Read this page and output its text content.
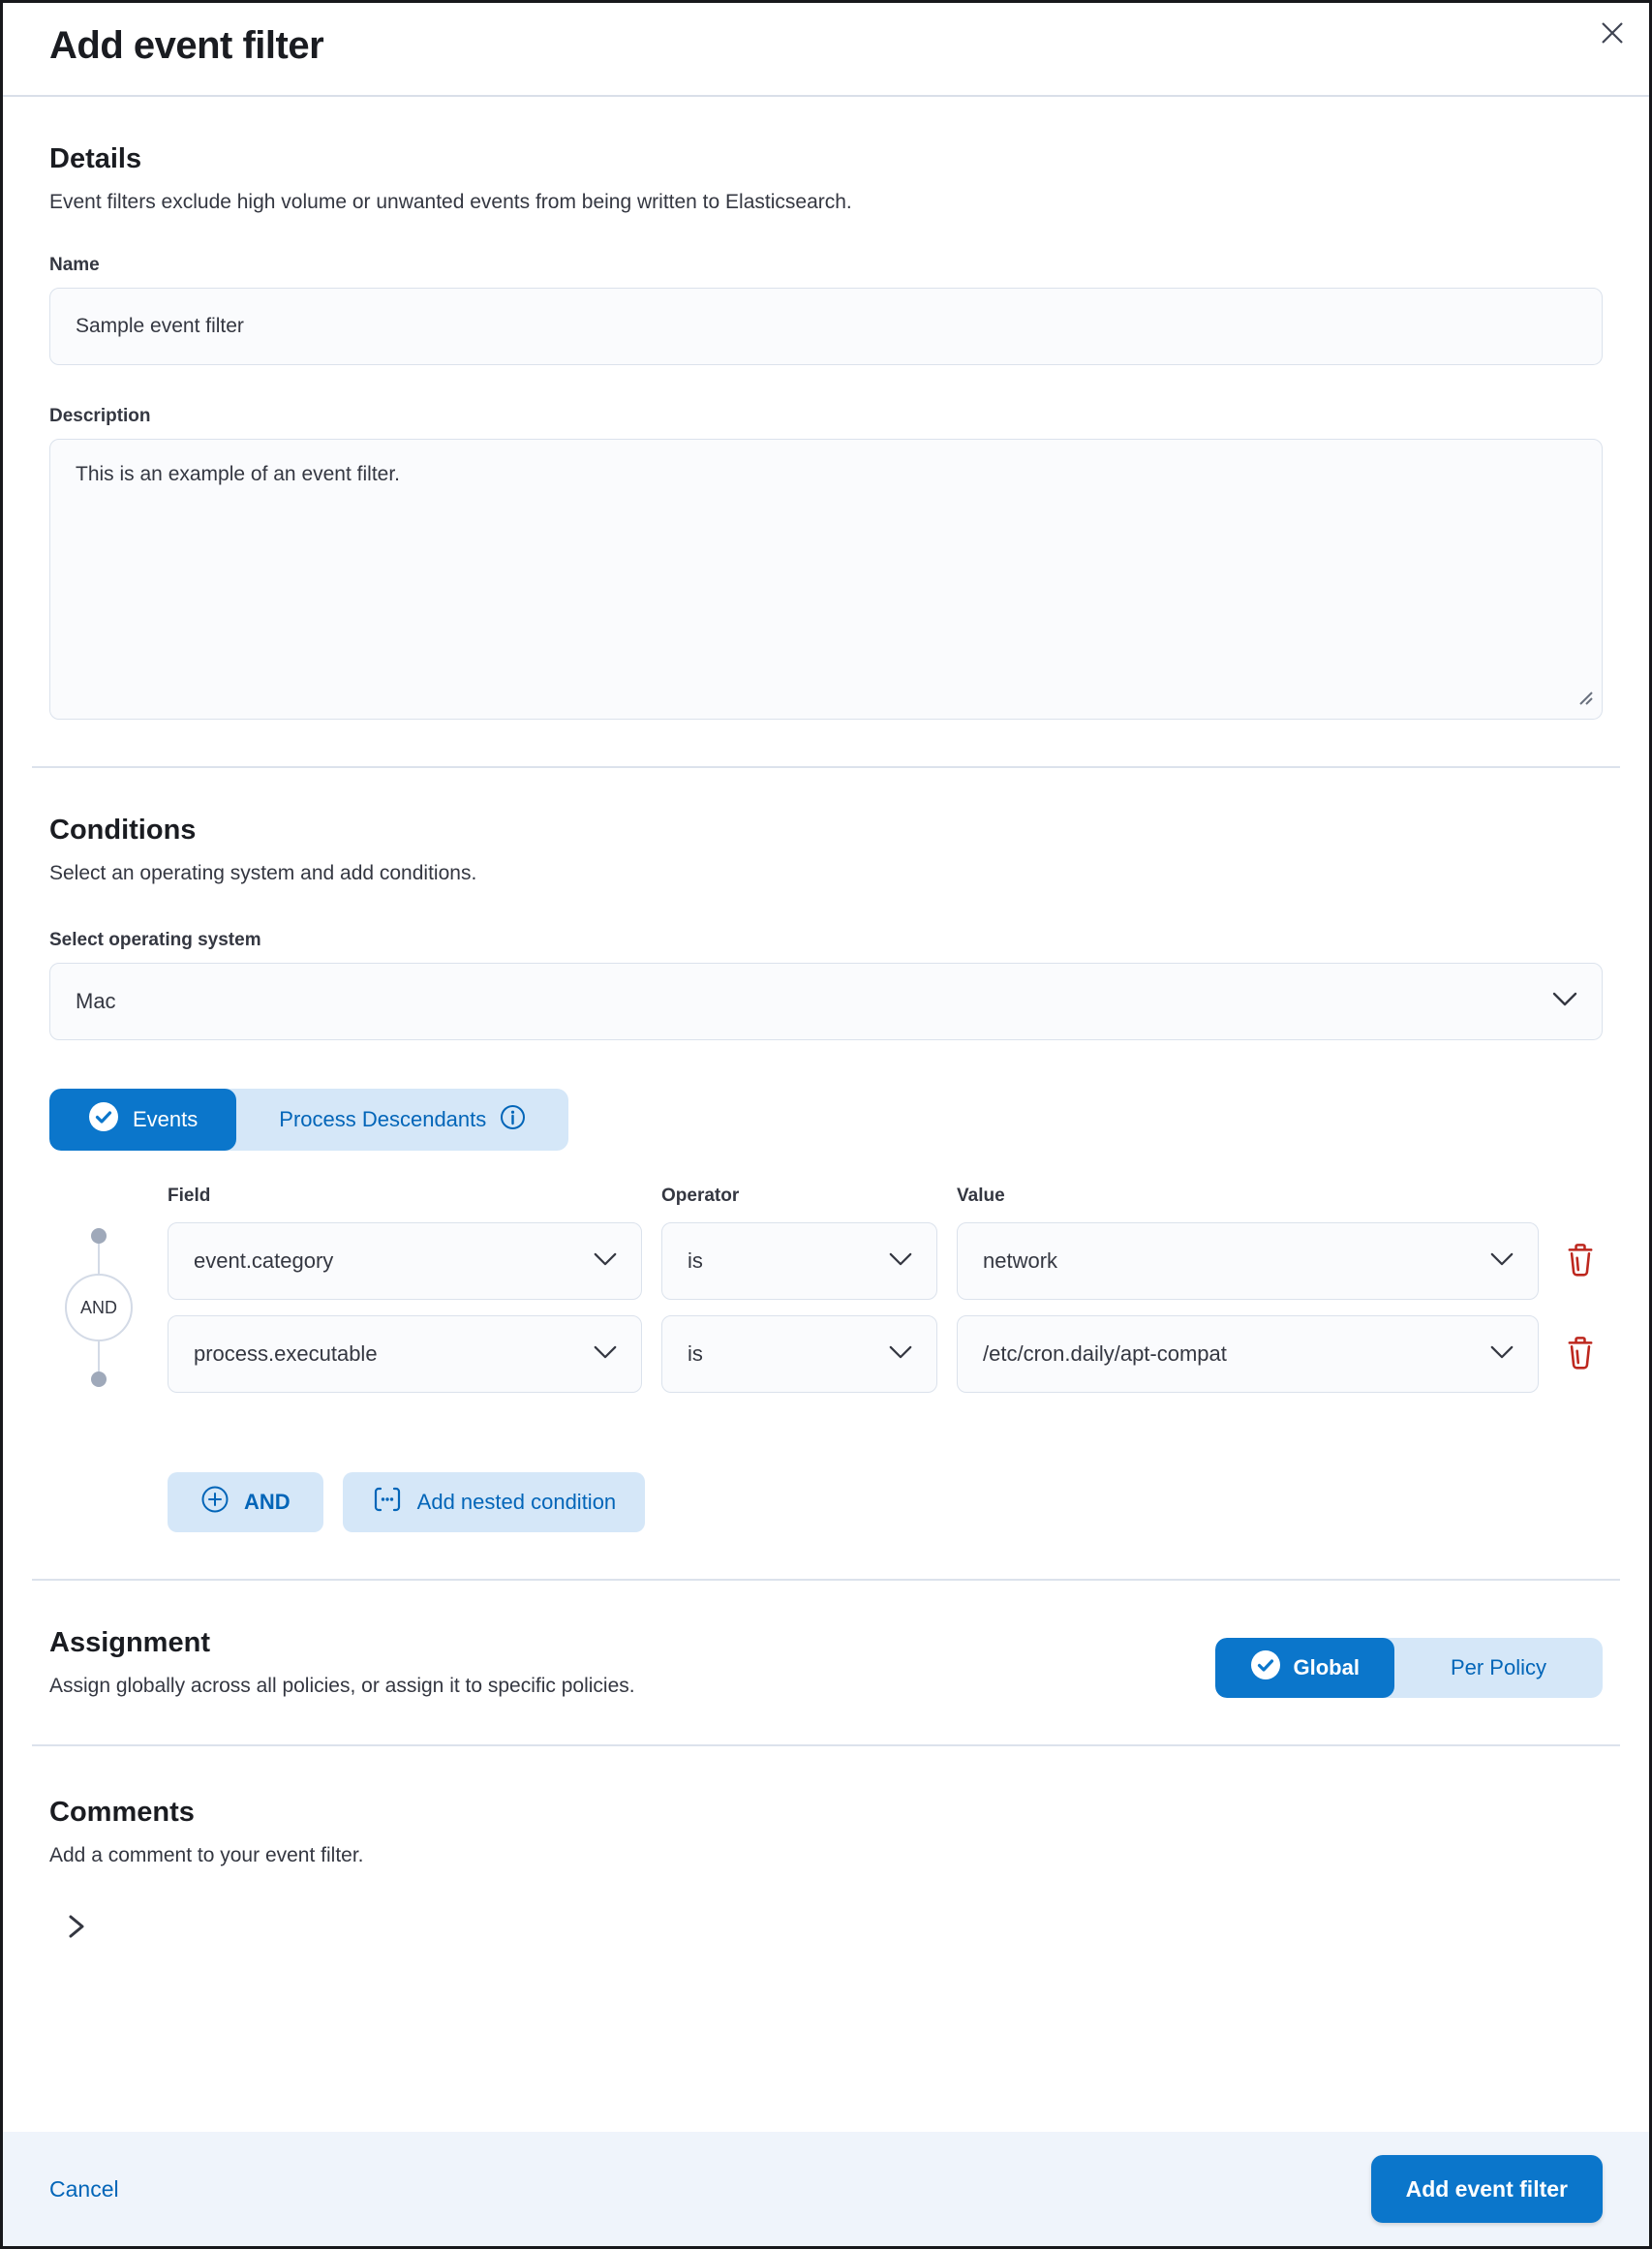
Add event filter
Details

Event filters exclude high volume or unwanted events from being written to Elasticsearch.

Name
Sample event filter
Description
This is an example of an event filter.
Conditions

Select an operating system and add conditions.

Select operating system
Mac
Events	Process Descendants
Field	Operator	Value
AND
event.category	is	network
process.executable	is	/etc/cron.daily/apt-compat
AND	Add nested condition
Assignment

Assign globally across all policies, or assign it to specific policies.

Global	Per Policy
Comments

Add a comment to your event filter.

Cancel	Add event filter
